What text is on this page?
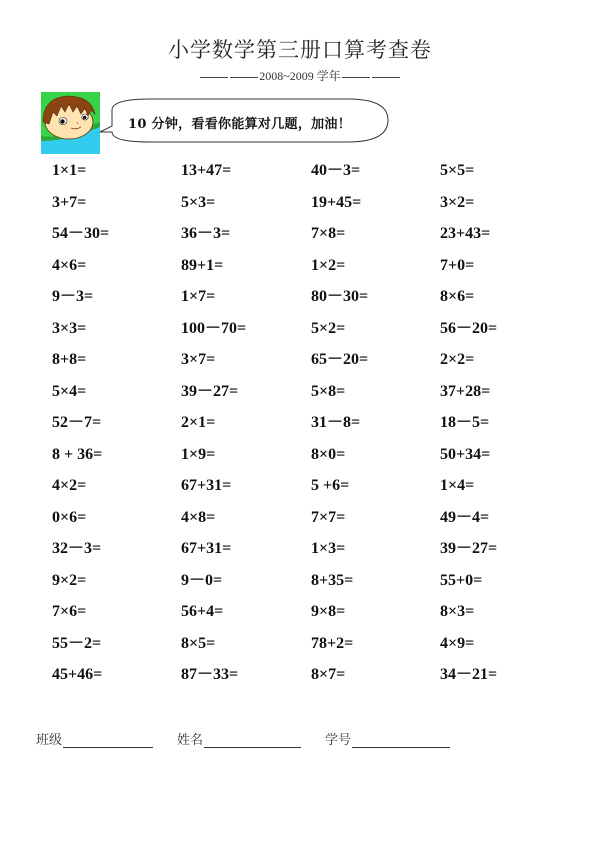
小学数学第三册口算考查卷
2008~2009 学年
10 分钟，看看你能算对几题，加油！
1×1=
3+7=
54－30=
4×6=
9－3=
3×3=
8+8=
5×4=
52－7=
8 + 36=
4×2=
0×6=
32－3=
9×2=
7×6=
55－2=
45+46=
13+47=
5×3=
36－3=
89+1=
1×7=
100－70=
3×7=
39－27=
2×1=
1×9=
67+31=
4×8=
67+31=
9－0=
56+4=
8×5=
87－33=
40－3=
19+45=
7×8=
1×2=
80－30=
5×2=
65－20=
5×8=
31－8=
8×0=
5 +6=
7×7=
1×3=
8+35=
9×8=
78+2=
8×7=
5×5=
3×2=
23+43=
7+0=
8×6=
56－20=
2×2=
37+28=
18－5=
50+34=
1×4=
49－4=
39－27=
55+0=
8×3=
4×9=
34－21=
班级	姓名	学号
